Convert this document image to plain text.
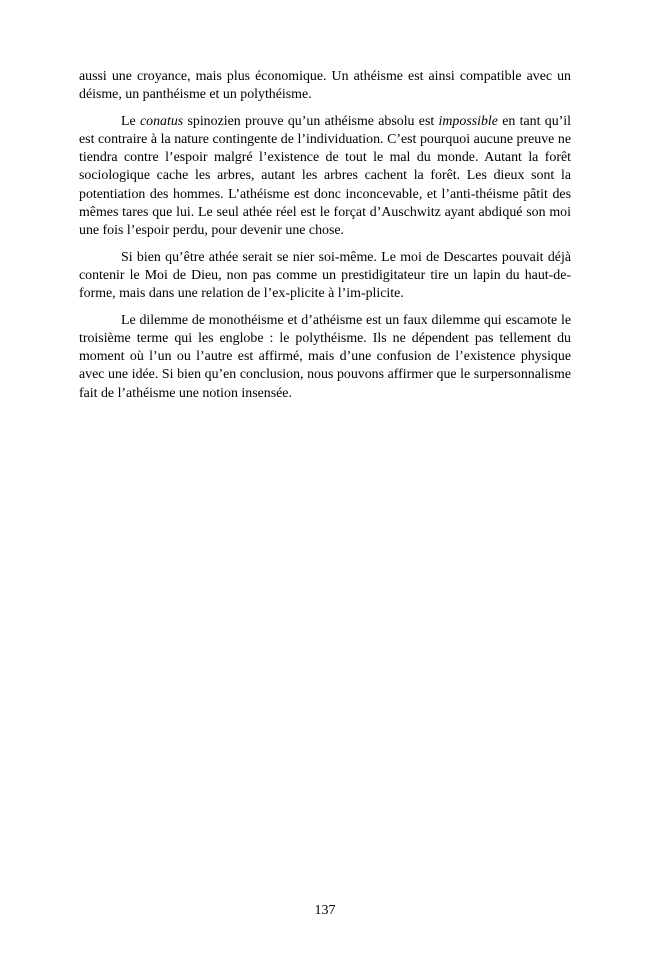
aussi une croyance, mais plus économique. Un athéisme est ainsi compatible avec un déisme, un panthéisme et un polythéisme.

Le conatus spinozien prouve qu’un athéisme absolu est impossible en tant qu’il est contraire à la nature contingente de l’individuation. C’est pourquoi aucune preuve ne tiendra contre l’espoir malgré l’existence de tout le mal du monde. Autant la forêt sociologique cache les arbres, autant les arbres cachent la forêt. Les dieux sont la potentiation des hommes. L’athéisme est donc inconcevable, et l’anti-théisme pâtit des mêmes tares que lui. Le seul athée réel est le forçat d’Auschwitz ayant abdiqué son moi une fois l’espoir perdu, pour devenir une chose.

Si bien qu’être athée serait se nier soi-même. Le moi de Descartes pouvait déjà contenir le Moi de Dieu, non pas comme un prestidigitateur tire un lapin du haut-de-forme, mais dans une relation de l’ex-plicite à l’im-plicite.

Le dilemme de monothéisme et d’athéisme est un faux dilemme qui escamote le troisième terme qui les englobe : le polythéisme. Ils ne dépendent pas tellement du moment où l’un ou l’autre est affirmé, mais d’une confusion de l’existence physique avec une idée. Si bien qu’en conclusion, nous pouvons affirmer que le surpersonnalisme fait de l’athéisme une notion insensée.

137
